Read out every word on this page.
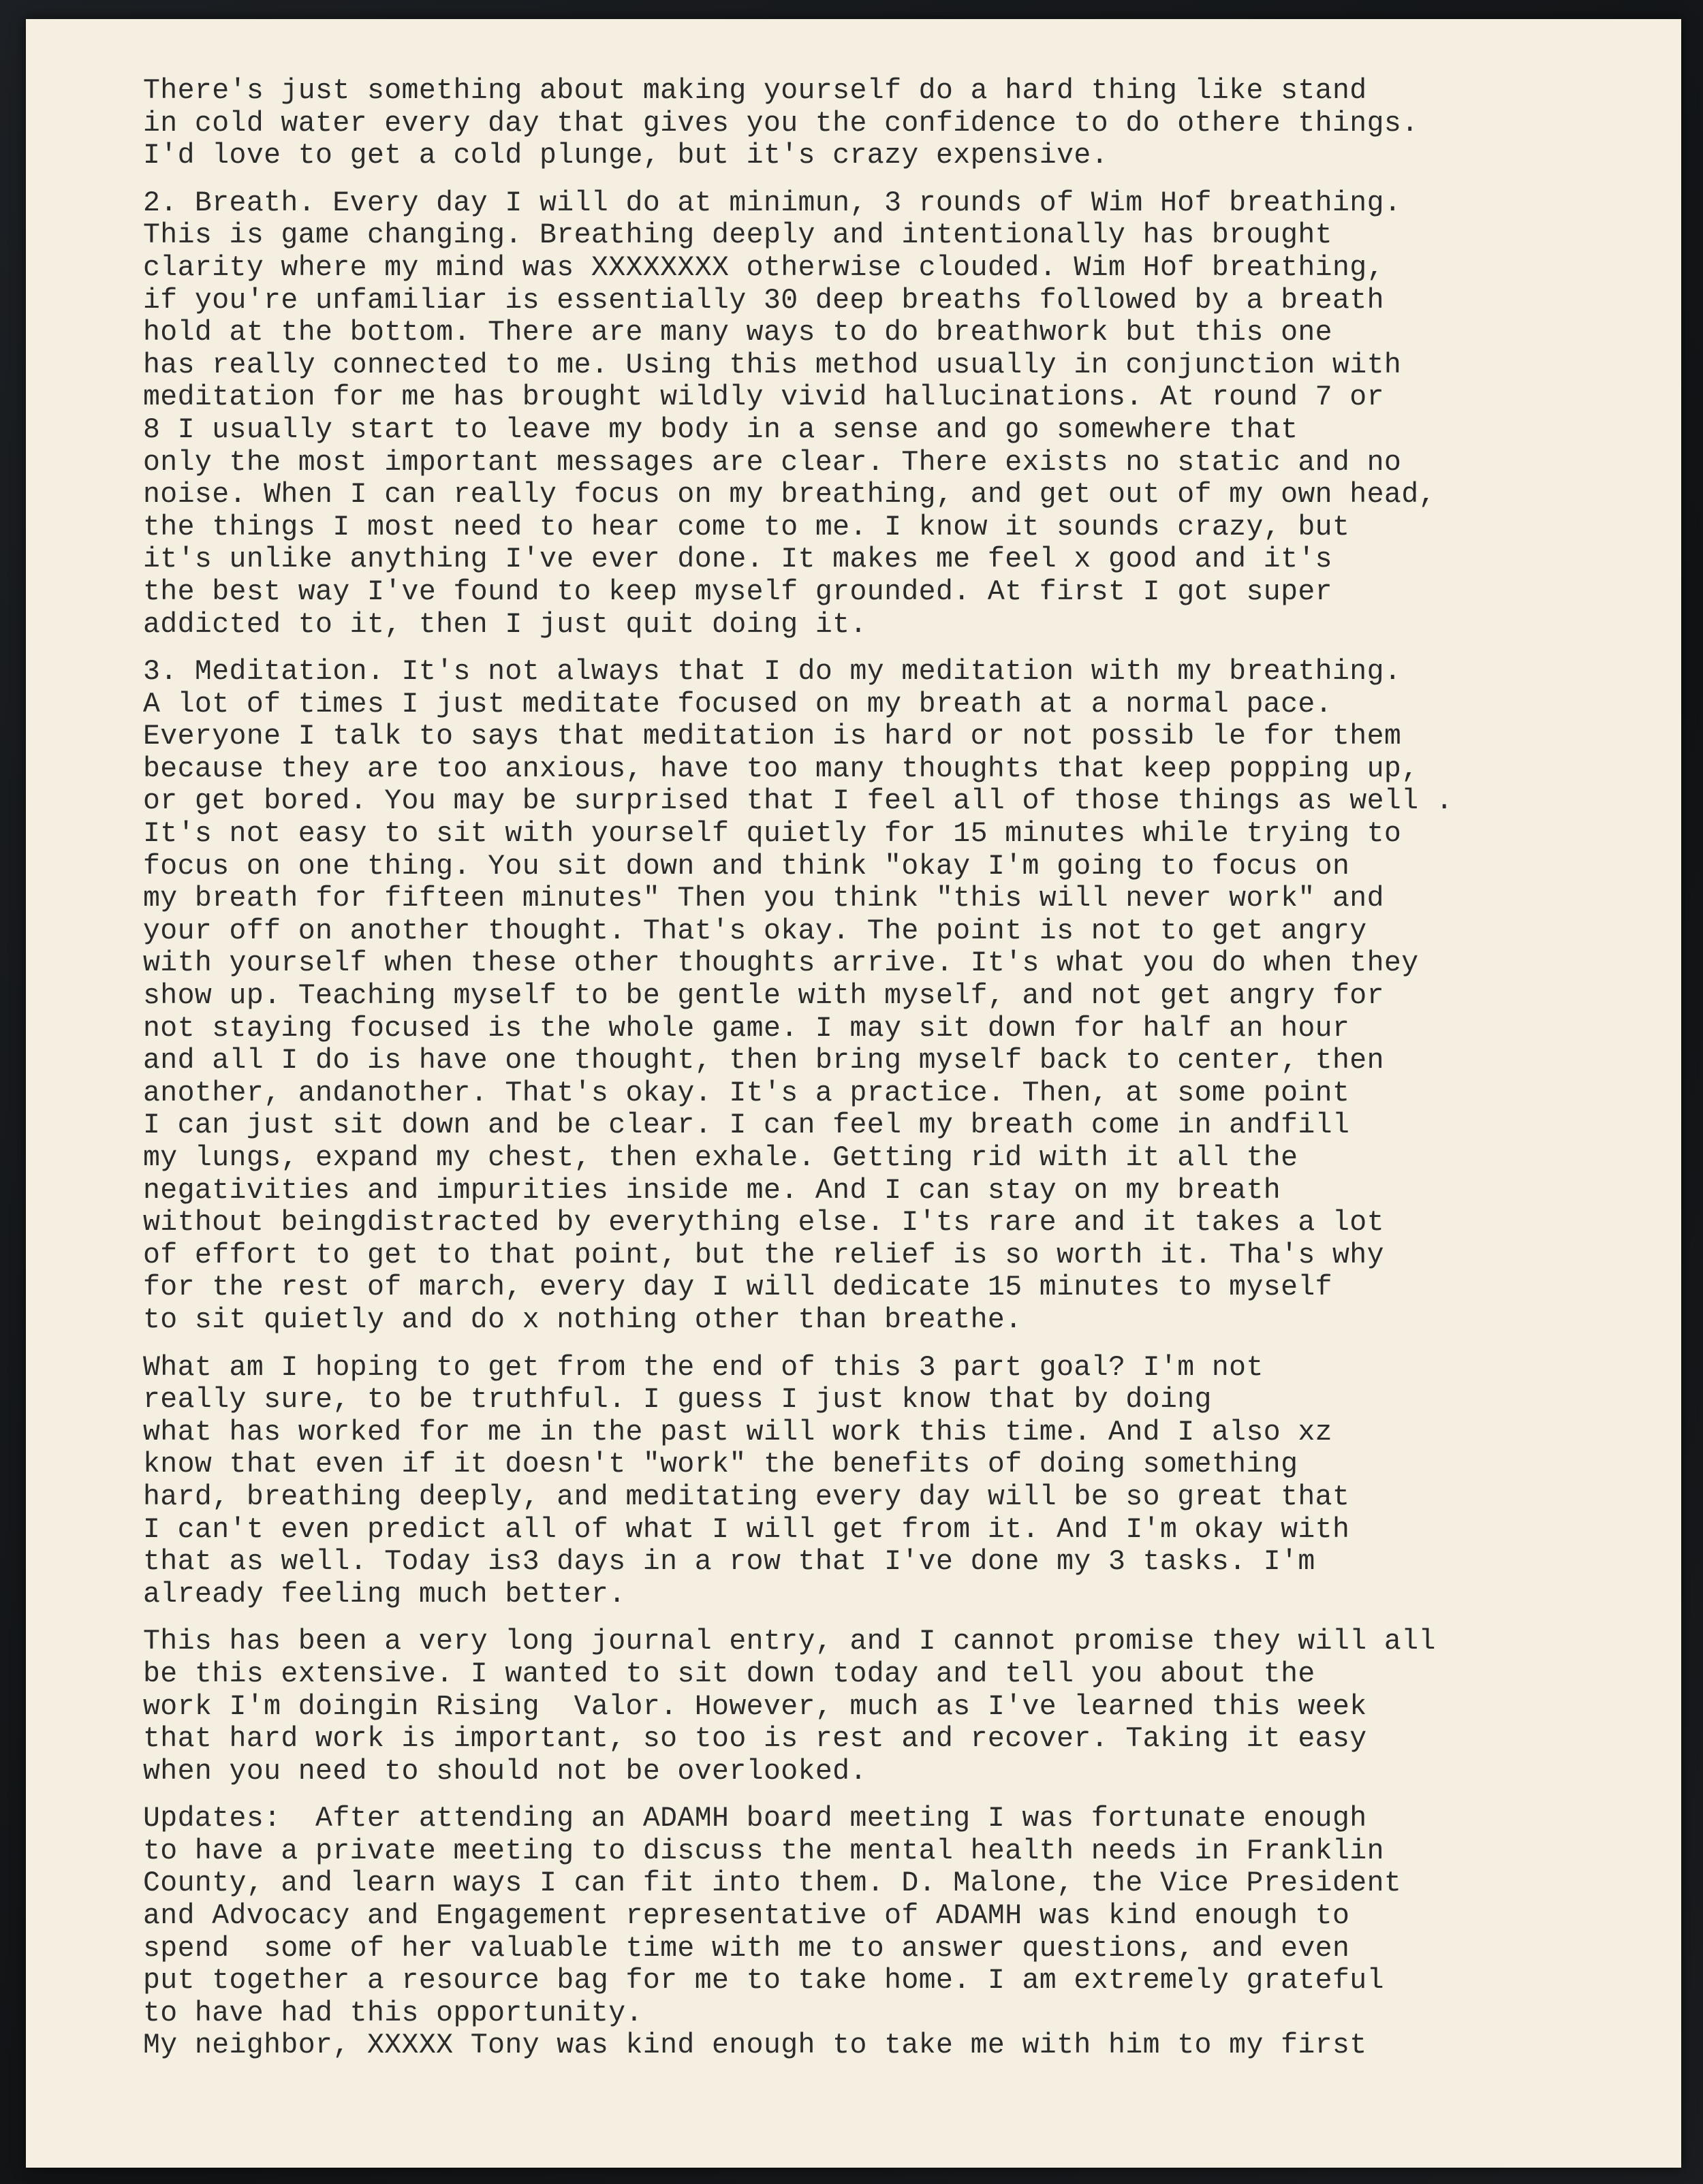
There's just something about making yourself do a hard thing like stand
in cold water every day that gives you the confidence to do othere things.
I'd love to get a cold plunge, but it's crazy expensive.
2. Breath. Every day I will do at minimun, 3 rounds of Wim Hof breathing.
This is game changing. Breathing deeply and intentionally has brought
clarity where my mind was XXXXXXXX otherwise clouded. Wim Hof breathing,
if you're unfamiliar is essentially 30 deep breaths followed by a breath
hold at the bottom. There are many ways to do breathwork but this one
has really connected to me. Using this method usually in conjunction with
meditation for me has brought wildly vivid hallucinations. At round 7 or
8 I usually start to leave my body in a sense and go somewhere that
only the most important messages are clear. There exists no static and no
noise. When I can really focus on my breathing, and get out of my own head,
the things I most need to hear come to me. I know it sounds crazy, but
it's unlike anything I've ever done. It makes me feel x good and it's
the best way I've found to keep myself grounded. At first I got super
addicted to it, then I just quit doing it.
3. Meditation. It's not always that I do my meditation with my breathing.
A lot of times I just meditate focused on my breath at a normal pace.
Everyone I talk to says that meditation is hard or not possib le for them
because they are too anxious, have too many thoughts that keep popping up,
or get bored. You may be surprised that I feel all of those things as well .
It's not easy to sit with yourself quietly for 15 minutes while trying to
focus on one thing. You sit down and think "okay I'm going to focus on
my breath for fifteen minutes" Then you think "this will never work" and
your off on another thought. That's okay. The point is not to get angry
with yourself when these other thoughts arrive. It's what you do when they
show up. Teaching myself to be gentle with myself, and not get angry for
not staying focused is the whole game. I may sit down for half an hour
and all I do is have one thought, then bring myself back to center, then
another, andanother. That's okay. It's a practice. Then, at some point
I can just sit down and be clear. I can feel my breath come in andfill
my lungs, expand my chest, then exhale. Getting rid with it all the
negativities and impurities inside me. And I can stay on my breath
without beingdistracted by everything else. I'ts rare and it takes a lot
of effort to get to that point, but the relief is so worth it. Tha's why
for the rest of march, every day I will dedicate 15 minutes to myself
to sit quietly and do x nothing other than breathe.
What am I hoping to get from the end of this 3 part goal? I'm not
really sure, to be truthful. I guess I just know that by doing
what has worked for me in the past will work this time. And I also xz
know that even if it doesn't "work" the benefits of doing something
hard, breathing deeply, and meditating every day will be so great that
I can't even predict all of what I will get from it. And I'm okay with
that as well. Today is3 days in a row that I've done my 3 tasks. I'm
already feeling much better.
This has been a very long journal entry, and I cannot promise they will all
be this extensive. I wanted to sit down today and tell you about the
work I'm doingin Rising  Valor. However, much as I've learned this week
that hard work is important, so too is rest and recover. Taking it easy
when you need to should not be overlooked.
Updates:  After attending an ADAMH board meeting I was fortunate enough
to have a private meeting to discuss the mental health needs in Franklin
County, and learn ways I can fit into them. D. Malone, the Vice President
and Advocacy and Engagement representative of ADAMH was kind enough to
spend  some of her valuable time with me to answer questions, and even
put together a resource bag for me to take home. I am extremely grateful
to have had this opportunity.
My neighbor, XXXXX Tony was kind enough to take me with him to my first
